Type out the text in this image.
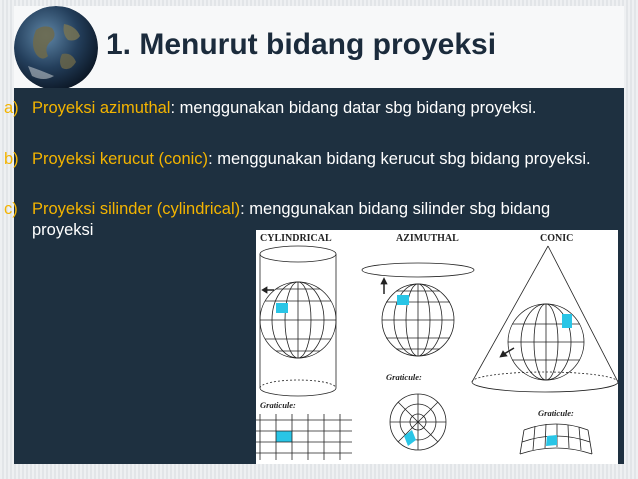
1. Menurut bidang proyeksi
a) Proyeksi azimuthal: menggunakan bidang datar sbg bidang proyeksi.
b) Proyeksi kerucut (conic): menggunakan bidang kerucut sbg bidang proyeksi.
c) Proyeksi silinder (cylindrical): menggunakan bidang silinder sbg bidang proyeksi	CYLINDRICAL	AZIMUTHAL	CONIC
Graticule:
Graticule:
Graticule:
